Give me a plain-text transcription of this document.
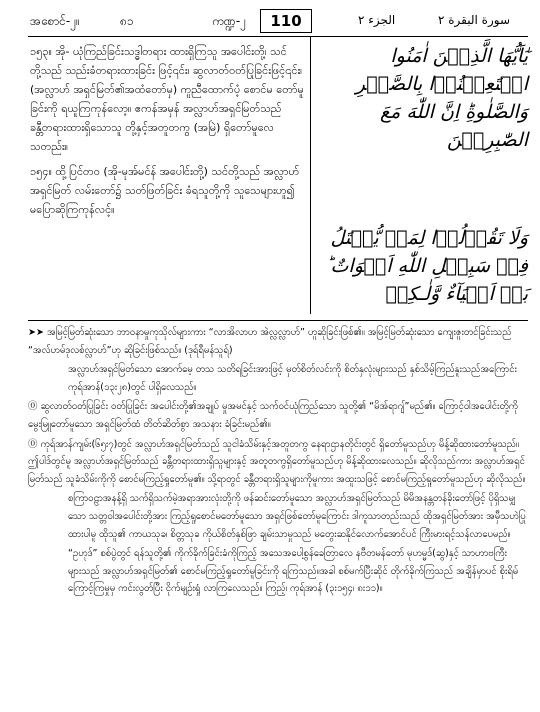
အစောင်-၂။	၈၁	ကဏ္ဍ-၂	110	الجزء ۲	سورة البقرة ۲

၁၅၃။ အို- ယုံကြည်ခြင်းသဒ္ဓါတရား ထားရှိကြသူ အပေါင်းတို့၊ သင်တို့သည် သည်းခံတရားထားခြင်း ဖြင့်၎င်း၊ ဆွလာတ်ဝတ်ပြုခြင်းဖြင့်၎င်း၊ (အလ္လာဟ် အရှင်မြတ်၏အထံတော်မှ) ကူညီထောက်ပံ့ စောင်မ တော်မူခြင်းကို ရယူကြကုန်လော့။ ဧကန်အမှန် အလ္လာဟ်အရှင်မြတ်သည် ခန္တီတရားထားရှိသောသူ တို့နှင့်အတူတကွ (အမြဲ) ရှိတော်မူလေသတည်း။

၁၅၄။ ထို့ပြင်တဝ (အို-မုအ်မင်န် အပေါင်းတို့) သင်တို့သည် အလ္လာဟ်အရှင်မြတ် လမ်းတော်၌ သတ်ဖြတ်ခြင်း ခံရသူတို့ကို သူသေများဟူ၍ မပြောဆိုကြကုန်လင့်။

يٰٓاَيُّهَا الَّذِيۡنَ اٰمَنُوا اسۡتَعِيۡنُوۡا بِالصَّبۡرِ وَالصَّلٰوةِ‌ؕ اِنَّ اللّٰهَ مَعَ الصّٰبِرِيۡنَ
وَلَا تَقُوۡلُوۡا لِمَنۡ يُّقۡتَلُ فِىۡ سَبِيۡلِ اللّٰهِ اَمۡوَاتٌ ؕ بَلۡ اَحۡيَآءٌ وَّلٰـكِنۡ

➤➤ အမြင့်မြတ်ဆုံးသော ဘာဝနာမှုကုသိုလ်များကား “လာအိလာဟ အဲလ္လလ္လာဟ်” ဟူဆိုခြင်းဖြစ်၏။ အမြင့်မြတ်ဆုံးသော ကျေးဇူးတင်ခြင်းသည် “အလ်ဟမ်ဒုလစ်လ္လာဟ်”ဟု ဆိုခြင်းဖြစ်သည်။ (ဒုရ်ရီမန်သူရ်)

အလ္လာဟ်အရှင်မြတ်သော အောက်မေ့ တသ သတိရခြင်းအားဖြင့် မှတ်စိတ်လင်းကို စိတ်နှလုံးများသည် နှစ်သိမ့်ကြည်နူးသည်အကြောင်း ကုရ်အာန်(၁၃း၂၈)တွင် ပါရှိလေသည်။

⓪ ဆွလာတ်ဝတ်ပြုခြင်း ဝတ်ပြုခြင်း အပေါင်းတို့၏အချုပ် မှုအမင်နှင့် သက်ဝင်ယုံကြည်သော သူတို့၏ “မိအ်ရာဂျ်”မည်၏။ ကြောင့်ဝါအပေါင်းတို့ကို မွေးမြူတော်မူသော အရှင်မြတ်ထံ တိတ်ဆိတ်စွာ အသနား ခံခြင်းမည်၏။

⓪ ကုရ်အာန်ကျမ်း(၆၅း၇)တွင် အလ္လာဟ်အရှင်မြတ်သည် သူငါခံသိမ်းနှင့်အတူတကွ နေရာဌာနတိုင်းတွင် ရှိတော်မူသည်ဟု မိန့်ဆိုထားတော်မူသည်။ ဤပါဒ်တွင်မူ အလ္လာဟ်အရှင်မြတ်သည် ခန္တီတရားထားရှိသူများနှင့် အတူတကွရှိတော်မူသည်ဟု မိန့်ဆိုထားလေသည်။ ဆိုလိုသည်ကား အလ္လာဟ်အရှင်မြတ်သည် သူခံသိမ်းကိုကို စောင်မကြည့်ရှုတော်မူ၏။ သို့ရာတွင် ခန္တီတရားရှိသူများကိုမူကား အထူးသဖြင့် စောင်မကြည့်ရှုတော်မူသည်ဟု ဆိုလိုသည်။

စကြာဝဠာအနန့်ရှိ သက်ရှိသက်မဲ့အရာအားလုံးတို့ကို ဖန်ဆင်းတော်မူသော အလ္လာဟ်အရှင်မြတ်သည် မိမိအနန္တတန်ခိုးတော်ဖြင့် ပိုရှိသမျှသော သတ္တဝါအပေါင်းတို့အား ကြည့်ရှုစောင်မတော်မူသော အရှင်ဖြစ်တော်မူကြောင်း ဒါကူသာတည်းသည် ထိုအရှင်မြတ်အား အမှီသဟဲပြုထားပါမူ ထိုသူ၏ ကာယသုခ၊ စိတ္တသုခ ကိုယ်စိတ်နှစ်ဖြာ ချမ်းသာမှုသည် မတွေးဆနိုင်လောက်အောင်ပင် ကြီးမားရင့်သန်လာပေမည်။

“ဥဟုဒ်” စစ်ပွဲတွင် ရန်သူတို့၏ ကိုက်ခိုက်ခြင်းခံကိုကြည့် အသေအပေါ့စွန်ခေတြာလေ နဗီတမန်တော် မုဟမ္မဒ်(ဆွ)နှင့် သာဟာဗကြီးများသည် အလ္လာဟ်အရှင်မြတ်၏ စောင်မကြည့်ရှုတော်မူခြင်းကို ရကြသည်။အခါ စစ်မက်ပြီးဆိုင် တိုက်ခိုက်ကြသည် အချိန်မှာပင် စိုးရိမ်ကြောင့်ကြမှုမှ ကင်းလွတ်ပြီး ငိုက်မျဉ်းရှုံ လာကြလေသည်။ ကြည့်၊ ကုရ်အာန် (၃း၁၅၄၊ ၈း၁၁)။
